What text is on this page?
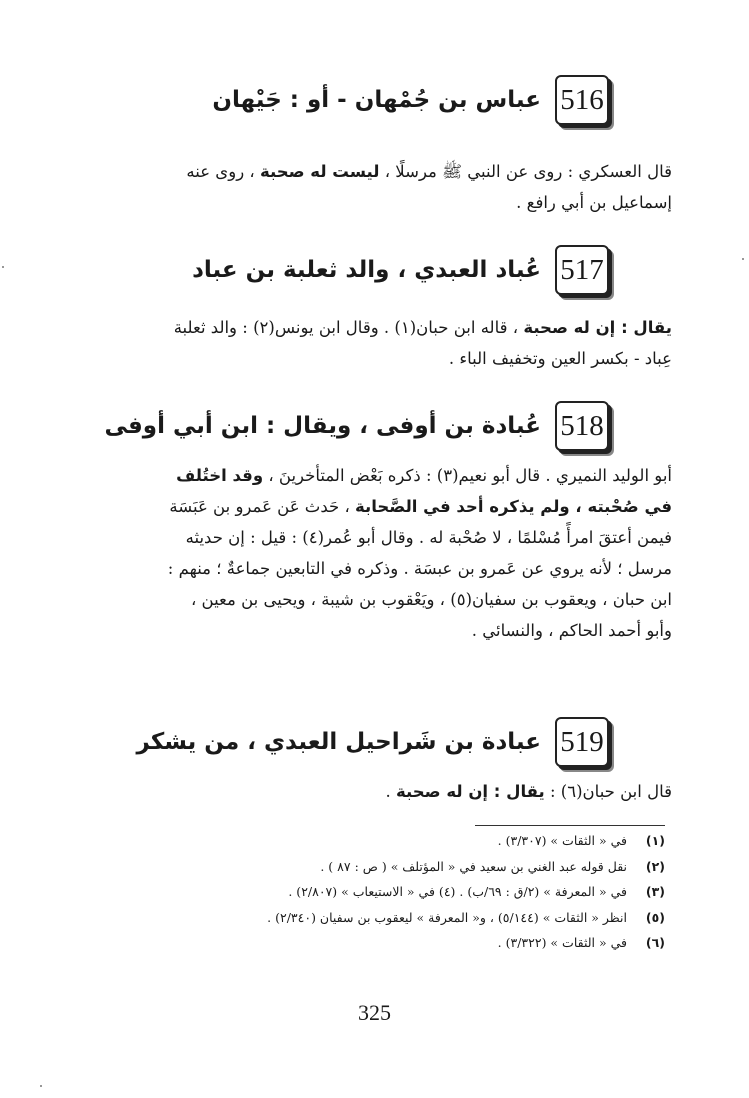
516
عباس بن جُمْهان - أو : جَيْهان
قال العسكري : روى عن النبي ﷺ مرسلًا ، ليست له صحبة ، روى عنه
إسماعيل بن أبي رافع .
517
عُباد العبدي ، والد ثعلبة بن عباد
يقال : إن له صحبة ، قاله ابن حبان(١) . وقال ابن يونس(٢) : والد ثعلبة
عِباد - بكسر العين وتخفيف الباء .
518
عُبادة بن أوفى ، ويقال : ابن أبي أوفى
أبو الوليد النميري . قال أبو نعيم(٣) : ذكره بَعْض المتأخرينَ ، وقد اختُلف
في صُحْبته ، ولم يذكره أحد في الصَّحابة ، حَدث عَن عَمرو بن عَبَسَة
فيمن أعتقَ امرأً مُسْلمًا ، لا صُحْبة له . وقال أبو عُمر(٤) : قيل : إن حديثه
مرسل ؛ لأنه يروي عن عَمرو بن عبسَة . وذكره في التابعين جماعةٌ ؛ منهم :
ابن حبان ، ويعقوب بن سفيان(٥) ، ويَعْقوب بن شيبة ، ويحيى بن معين ،
وأبو أحمد الحاكم ، والنسائي .
519
عبادة بن شَراحيل العبدي ، من يشكر
قال ابن حبان(٦) : يقال : إن له صحبة .
(١)
في « الثقات » (٣/٣٠٧) .
(٢)
نقل قوله عبد الغني بن سعيد في « المؤتلف » ( ص : ٨٧ ) .
(٣)
في « المعرفة » (٢/ق : ٦٩/ب) . (٤) في « الاستيعاب » (٢/٨٠٧) .
(٥)
انظر « الثقات » (٥/١٤٤) ، و« المعرفة » ليعقوب بن سفيان (٢/٣٤٠) .
(٦)
في « الثقات » (٣/٣٢٢) .
325
